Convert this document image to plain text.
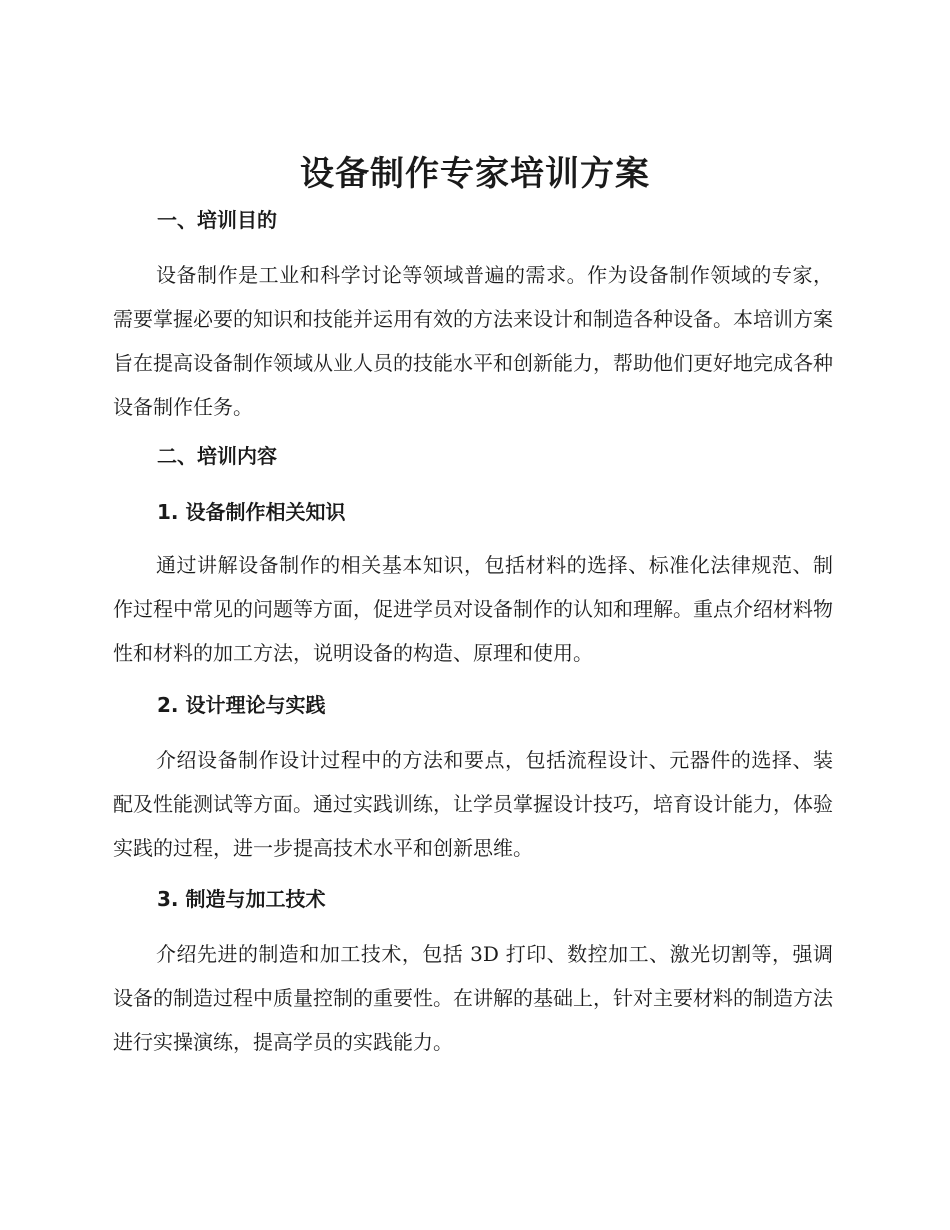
设备制作专家培训方案
一、培训目的
设备制作是工业和科学讨论等领域普遍的需求。作为设备制作领域的专家，需要掌握必要的知识和技能并运用有效的方法来设计和制造各种设备。本培训方案旨在提高设备制作领域从业人员的技能水平和创新能力，帮助他们更好地完成各种设备制作任务。
二、培训内容
1. 设备制作相关知识
通过讲解设备制作的相关基本知识，包括材料的选择、标准化法律规范、制作过程中常见的问题等方面，促进学员对设备制作的认知和理解。重点介绍材料物性和材料的加工方法，说明设备的构造、原理和使用。
2. 设计理论与实践
介绍设备制作设计过程中的方法和要点，包括流程设计、元器件的选择、装配及性能测试等方面。通过实践训练，让学员掌握设计技巧，培育设计能力，体验实践的过程，进一步提高技术水平和创新思维。
3. 制造与加工技术
介绍先进的制造和加工技术，包括 3D 打印、数控加工、激光切割等，强调设备的制造过程中质量控制的重要性。在讲解的基础上，针对主要材料的制造方法进行实操演练，提高学员的实践能力。
